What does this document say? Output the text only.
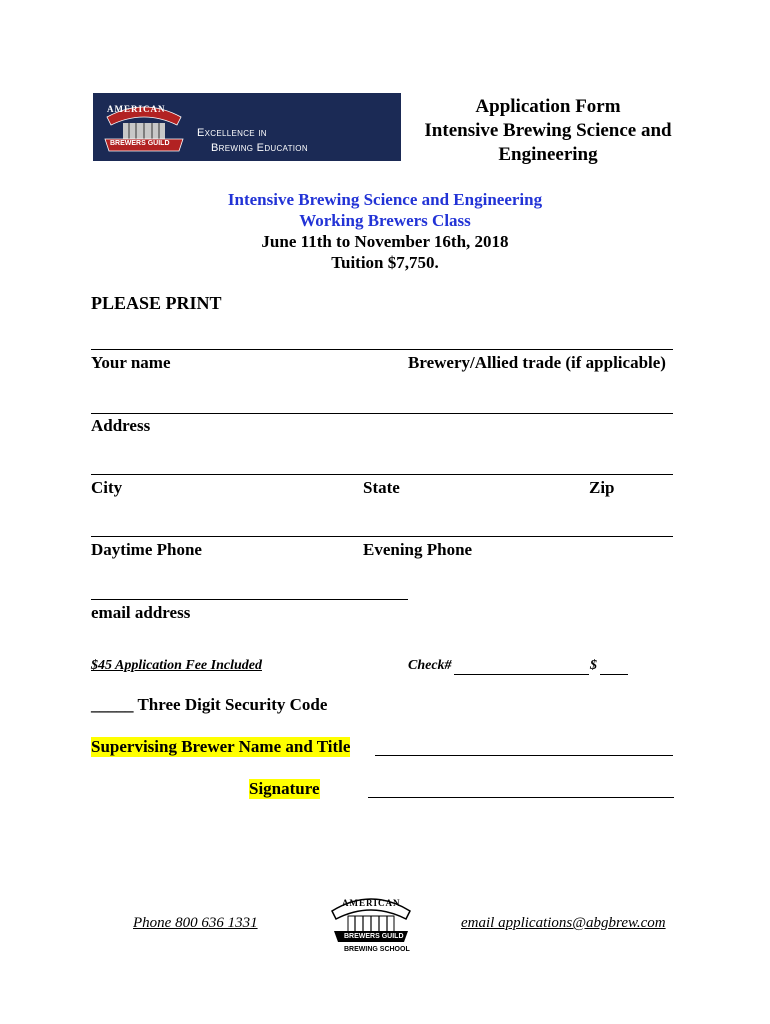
AMERICAN
BREWERS GUILD
Excellence in
Brewing Education
Application Form
Intensive Brewing Science and
Engineering
Intensive Brewing Science and Engineering
Working Brewers Class
June 11th to November 16th, 2018
Tuition $7,750.
PLEASE PRINT
Your name	Brewery/Allied trade (if applicable)
Address
City	State	Zip
Daytime Phone	Evening Phone
email address
$45 Application Fee Included	Check#	$
_____ Three Digit Security Code
Supervising Brewer Name and Title
Signature
Phone 800 636 1331	email applications@abgbrew.com
AMERICAN
BREWERS GUILD
BREWING SCHOOL
